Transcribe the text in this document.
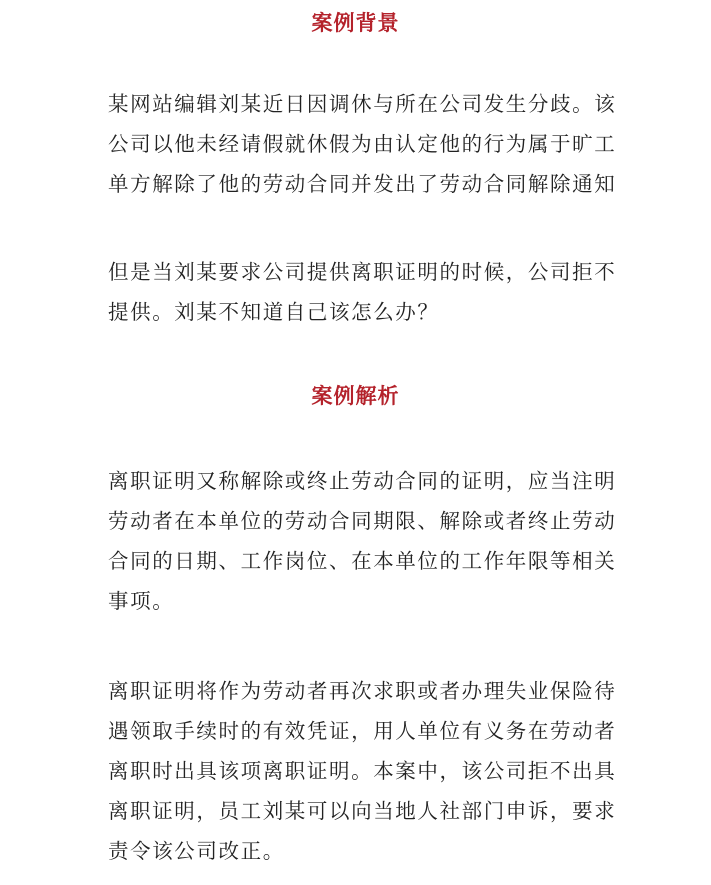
案例背景
某网站编辑刘某近日因调休与所在公司发生分歧。该
公司以他未经请假就休假为由认定他的行为属于旷工
单方解除了他的劳动合同并发出了劳动合同解除通知
但是当刘某要求公司提供离职证明的时候，公司拒不
提供。刘某不知道自己该怎么办？
案例解析
离职证明又称解除或终止劳动合同的证明，应当注明
劳动者在本单位的劳动合同期限、解除或者终止劳动
合同的日期、工作岗位、在本单位的工作年限等相关
事项。
离职证明将作为劳动者再次求职或者办理失业保险待
遇领取手续时的有效凭证，用人单位有义务在劳动者
离职时出具该项离职证明。本案中，该公司拒不出具
离职证明，员工刘某可以向当地人社部门申诉，要求
责令该公司改正。
